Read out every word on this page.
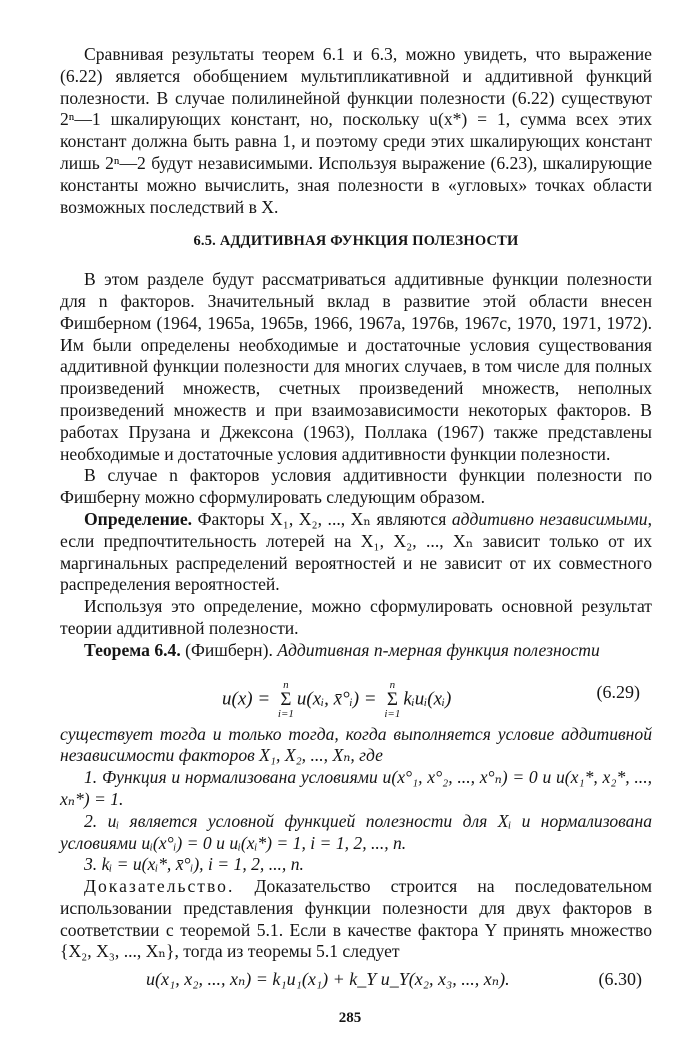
Сравнивая результаты теорем 6.1 и 6.3, можно увидеть, что выражение (6.22) является обобщением мультипликативной и аддитивной функций полезности. В случае полилинейной функции полезности (6.22) существуют 2ⁿ—1 шкалирующих констант, но, поскольку u(x*) = 1, сумма всех этих констант должна быть равна 1, и поэтому среди этих шкалирующих констант лишь 2ⁿ—2 будут независимыми. Используя выражение (6.23), шкалирующие константы можно вычислить, зная полезности в «угловых» точках области возможных последствий в X.

6.5. АДДИТИВНАЯ ФУНКЦИЯ ПОЛЕЗНОСТИ

В этом разделе будут рассматриваться аддитивные функции полезности для n факторов. Значительный вклад в развитие этой области внесен Фишберном (1964, 1965а, 1965в, 1966, 1967а, 1976в, 1967с, 1970, 1971, 1972). Им были определены необходимые и достаточные условия существования аддитивной функции полезности для многих случаев, в том числе для полных произведений множеств, счетных произведений множеств, неполных произведений множеств и при взаимозависимости некоторых факторов. В работах Прузана и Джексона (1963), Поллака (1967) также представлены необходимые и достаточные условия аддитивности функции полезности.

В случае n факторов условия аддитивности функции полезности по Фишберну можно сформулировать следующим образом.

Определение. Факторы X₁, X₂, ..., Xₙ являются аддитивно независимыми, если предпочтительность лотерей на X₁, X₂, ..., Xₙ зависит только от их маргинальных распределений вероятностей и не зависит от их совместного распределения вероятностей.

Используя это определение, можно сформулировать основной результат теории аддитивной полезности.

Теорема 6.4. (Фишберн). Аддитивная n-мерная функция полезности

u(x) =
n
Σ
i=1
u(xᵢ, x̄°ᵢ) =
n
Σ
i=1
kᵢuᵢ(xᵢ)	(6.29)

существует тогда и только тогда, когда выполняется условие аддитивной независимости факторов X₁, X₂, ..., Xₙ, где

1. Функция u нормализована условиями u(x°₁, x°₂, ..., x°ₙ) = 0 и u(x₁*, x₂*, ..., xₙ*) = 1.

2. uᵢ является условной функцией полезности для Xᵢ и нормализована условиями uᵢ(x°ᵢ) = 0 и uᵢ(xᵢ*) = 1, i = 1, 2, ..., n.

3. kᵢ = u(xᵢ*, x̄°ᵢ), i = 1, 2, ..., n.

Доказательство. Доказательство строится на последовательном использовании представления функции полезности для двух факторов в соответствии с теоремой 5.1. Если в качестве фактора Y принять множество {X₂, X₃, ..., Xₙ}, тогда из теоремы 5.1 следует

u(x₁, x₂, ..., xₙ) = k₁u₁(x₁) + k_Y u_Y(x₂, x₃, ..., xₙ).	(6.30)
285
